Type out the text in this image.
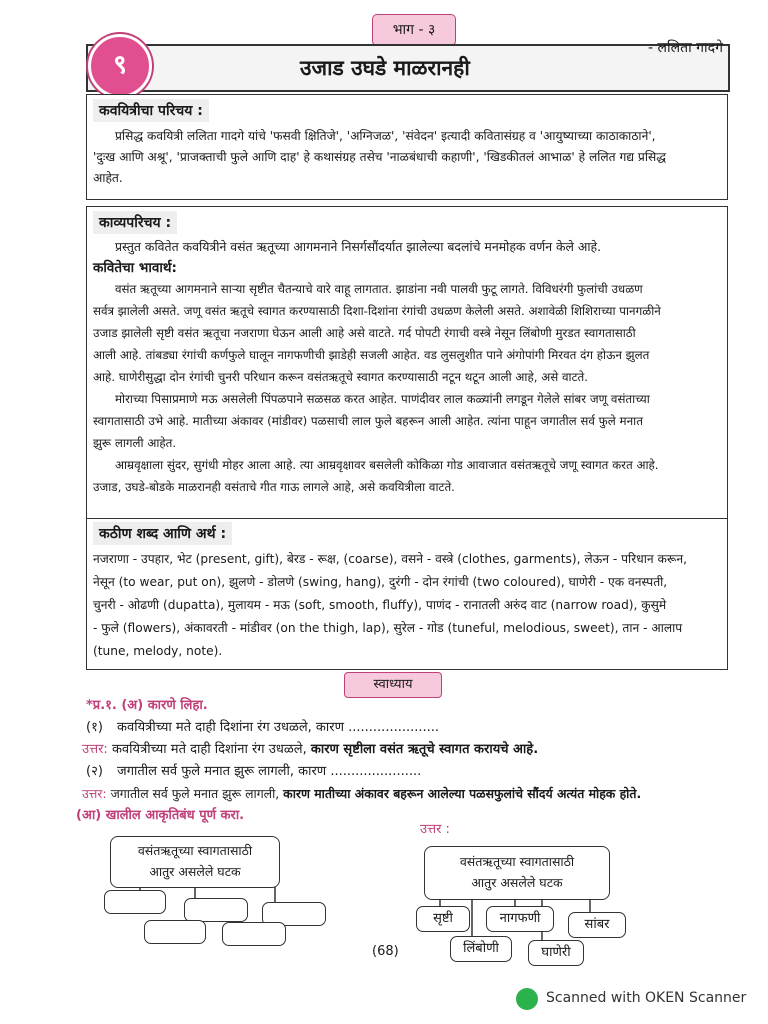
भाग - ३
९	उजाड उघडे माळरानही
- ललिता गादगे
कवयित्रीचा परिचय :
प्रसिद्ध कवयित्री ललिता गादगे यांचे 'फसवी क्षितिजे', 'अग्निजळ', 'संवेदन' इत्यादी कवितासंग्रह व 'आयुष्याच्या काठाकाठाने',
'दुःख आणि अश्रू', 'प्राजक्ताची फुले आणि दाह' हे कथासंग्रह तसेच 'नाळबंधाची कहाणी', 'खिडकीतलं आभाळ' हे ललित गद्य प्रसिद्ध
आहेत.
काव्यपरिचय :
प्रस्तुत कवितेत कवयित्रीने वसंत ऋतूच्या आगमनाने निसर्गसौंदर्यात झालेल्या बदलांचे मनमोहक वर्णन केले आहे.
कवितेचा भावार्थ:
वसंत ऋतूच्या आगमनाने साऱ्या सृष्टीत चैतन्याचे वारे वाहू लागतात. झाडांना नवी पालवी फुटू लागते. विविधरंगी फुलांची उधळण
सर्वत्र झालेली असते. जणू वसंत ऋतूचे स्वागत करण्यासाठी दिशा-दिशांना रंगांची उधळण केलेली असते. अशावेळी शिशिराच्या पानगळीने
उजाड झालेली सृष्टी वसंत ऋतूचा नजराणा घेऊन आली आहे असे वाटते. गर्द पोपटी रंगाची वस्त्रे नेसून लिंबोणी मुरडत स्वागतासाठी
आली आहे. तांबड्या रंगांची कर्णफुले घालून नागफणीची झाडेही सजली आहेत. वड लुसलुशीत पाने अंगोपांगी मिरवत दंग होऊन झुलत
आहे. घाणेरीसुद्धा दोन रंगांची चुनरी परिधान करून वसंतऋतूचे स्वागत करण्यासाठी नटून थटून आली आहे, असे वाटते.
मोराच्या पिसाप्रमाणे मऊ असलेली पिंपळपाने सळसळ करत आहेत. पाणंदीवर लाल कळ्यांनी लगडून गेलेले सांबर जणू वसंताच्या
स्वागतासाठी उभे आहे. मातीच्या अंकावर (मांडीवर) पळसाची लाल फुले बहरून आली आहेत. त्यांना पाहून जगातील सर्व फुले मनात
झुरू लागली आहेत.
आम्रवृक्षाला सुंदर, सुगंधी मोहर आला आहे. त्या आम्रवृक्षावर बसलेली कोकिळा गोड आवाजात वसंतऋतूचे जणू स्वागत करत आहे.
उजाड, उघडे-बोडके माळरानही वसंताचे गीत गाऊ लागले आहे, असे कवयित्रीला वाटते.
कठीण शब्द आणि अर्थ :
नजराणा - उपहार, भेट (present, gift), बेरड - रूक्ष, (coarse), वसने - वस्त्रे (clothes, garments), लेऊन - परिधान करून,
नेसून (to wear, put on), झुलणे - डोलणे (swing, hang), दुरंगी - दोन रंगांची (two coloured), घाणेरी - एक वनस्पती,
चुनरी - ओढणी (dupatta), मुलायम - मऊ (soft, smooth, fluffy), पाणंद - रानातली अरुंद वाट (narrow road), कुसुमे
- फुले (flowers), अंकावरती - मांडीवर (on the thigh, lap), सुरेल - गोड (tuneful, melodious, sweet), तान - आलाप
(tune, melody, note).
स्वाध्याय
*प्र.१. (अ) कारणे लिहा.
(१) कवयित्रीच्या मते दाही दिशांना रंग उधळले, कारण ......................
उत्तर: कवयित्रीच्या मते दाही दिशांना रंग उधळले, कारण सृष्टीला वसंत ऋतूचे स्वागत करायचे आहे.
(२) जगातील सर्व फुले मनात झुरू लागली, कारण ......................
उत्तर: जगातील सर्व फुले मनात झुरू लागली, कारण मातीच्या अंकावर बहरून आलेल्या पळसफुलांचे सौंदर्य अत्यंत मोहक होते.
(आ) खालील आकृतिबंध पूर्ण करा.
उत्तर :
वसंतऋतूच्या स्वागतासाठी
आतुर असलेले घटक
वसंतऋतूच्या स्वागतासाठी
आतुर असलेले घटक
सृष्टी	नागफणी	सांबर
लिंबोणी	घाणेरी
(68)
Scanned with OKEN Scanner
